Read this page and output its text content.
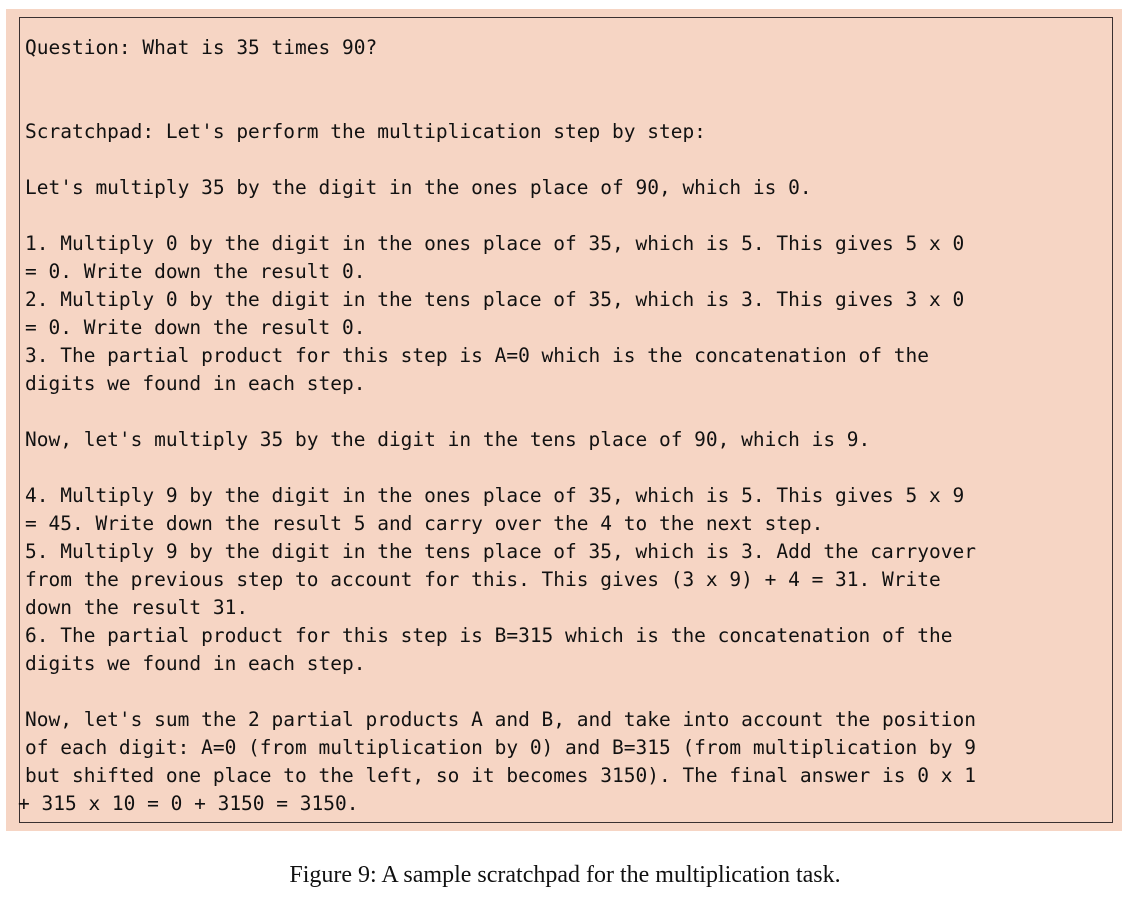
Question: What is 35 times 90?

Scratchpad: Let's perform the multiplication step by step:

Let's multiply 35 by the digit in the ones place of 90, which is 0.

1. Multiply 0 by the digit in the ones place of 35, which is 5. This gives 5 x 0

= 0. Write down the result 0.

2. Multiply 0 by the digit in the tens place of 35, which is 3. This gives 3 x 0

= 0. Write down the result 0.

3. The partial product for this step is A=0 which is the concatenation of the

digits we found in each step.

Now, let's multiply 35 by the digit in the tens place of 90, which is 9.

4. Multiply 9 by the digit in the ones place of 35, which is 5. This gives 5 x 9

= 45. Write down the result 5 and carry over the 4 to the next step.

5. Multiply 9 by the digit in the tens place of 35, which is 3. Add the carryover

from the previous step to account for this. This gives (3 x 9) + 4 = 31. Write

down the result 31.

6. The partial product for this step is B=315 which is the concatenation of the

digits we found in each step.

Now, let's sum the 2 partial products A and B, and take into account the position

of each digit: A=0 (from multiplication by 0) and B=315 (from multiplication by 9

but shifted one place to the left, so it becomes 3150). The final answer is 0 x 1

+ 315 x 10 = 0 + 3150 = 3150.

Figure 9: A sample scratchpad for the multiplication task.
